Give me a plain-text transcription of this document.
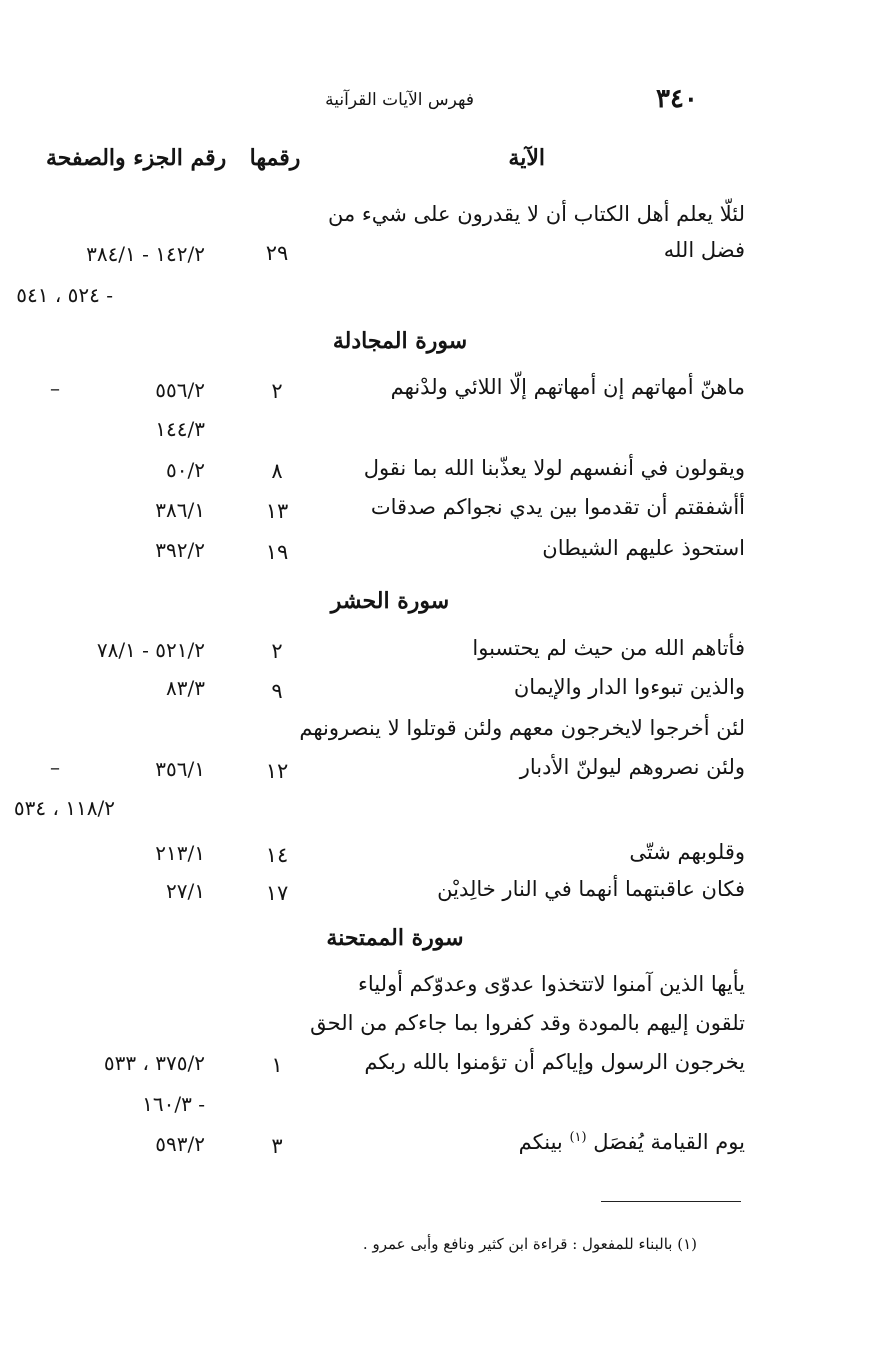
٣٤٠
فهرس الآيات القرآنية
الآية
رقمها
رقم الجزء والصفحة
لئلّا يعلم أهل الكتاب أن لا يقدرون على شيء من
فضل الله
٢٩
١٤٢/٢ - ٣٨٤/١
- ٥٢٤ ، ٥٤١
سورة المجادلة
ماهنّ أمهاتهم إن أمهاتهم إلّا اللائي ولدْنهم
٢
٥٥٦/٢
–
١٤٤/٣
ويقولون في أنفسهم لولا يعذّبنا الله بما نقول
٨
٥٠/٢
أأشفقتم أن تقدموا بين يدي نجواكم صدقات
١٣
٣٨٦/١
استحوذ عليهم الشيطان
١٩
٣٩٢/٢
سورة الحشر
فأتاهم الله من حيث لم يحتسبوا
٢
٥٢١/٢ - ٧٨/١
والذين تبوءوا الدار والإيمان
٩
٨٣/٣
لئن أخرجوا لايخرجون معهم ولئن قوتلوا لا ينصرونهم
ولئن نصروهم ليولنّ الأدبار
١٢
٣٥٦/١
–
١١٨/٢ ، ٥٣٤
وقلوبهم شتّى
١٤
٢١٣/١
فكان عاقبتهما أنهما في النار خالِديْن
١٧
٢٧/١
سورة الممتحنة
يأيها الذين آمنوا لاتتخذوا عدوّى وعدوّكم أولياء
تلقون إليهم بالمودة وقد كفروا بما جاءكم من الحق
يخرجون الرسول وإياكم أن تؤمنوا بالله ربكم
١
٣٧٥/٢ ، ٥٣٣
- ١٦٠/٣
يوم القيامة يُفصَل $^{(١)}$ بينكم
٣
٥٩٣/٢
(١) بالبناء للمفعول : قراءة ابن كثير ونافع وأبى عمرو .
